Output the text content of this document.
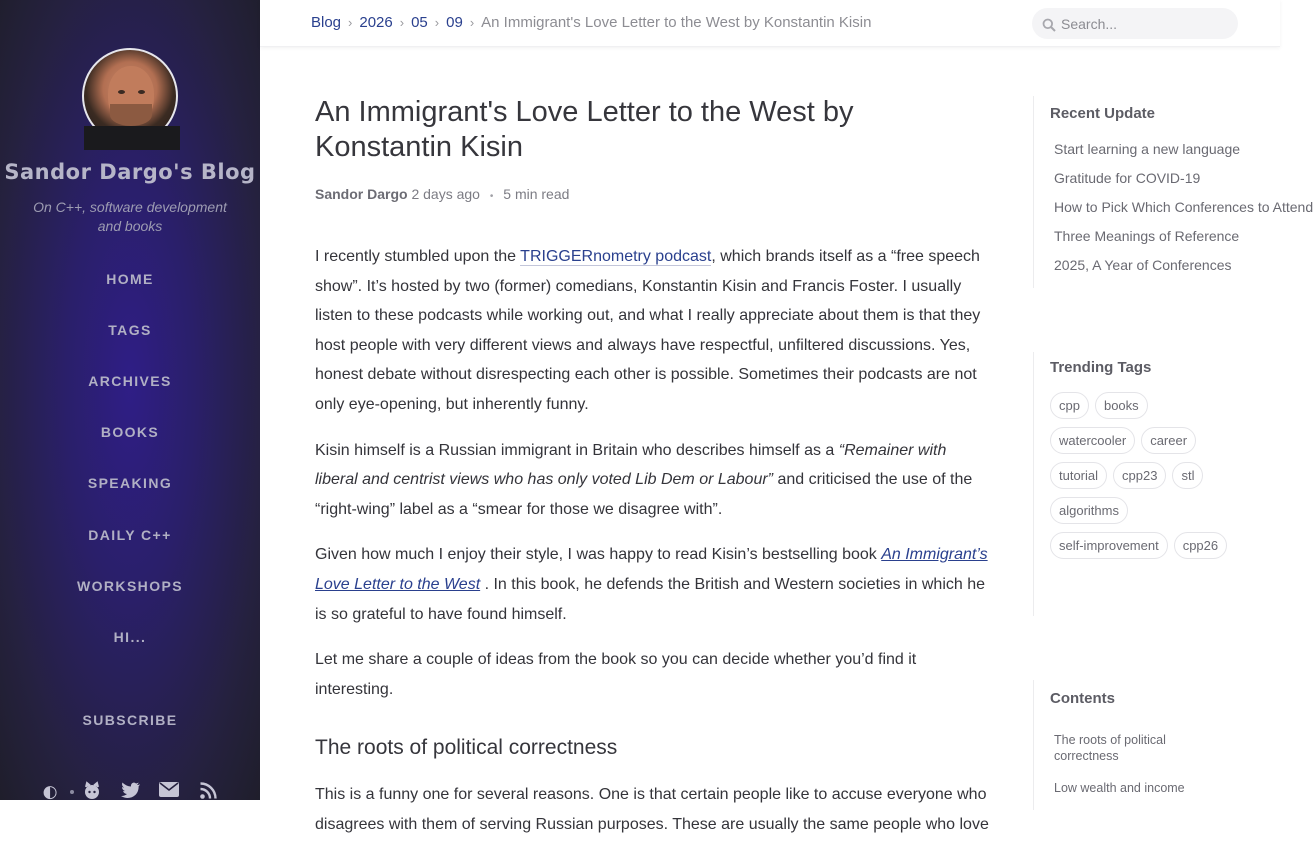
Sandor Dargo's Blog
On C++, software development and books
HOME
TAGS
ARCHIVES
BOOKS
SPEAKING
DAILY C++
WORKSHOPS
HI...
SUBSCRIBE
◐
Blog › 2026 › 05 › 09 › An Immigrant's Love Letter to the West by Konstantin Kisin
Search...
An Immigrant's Love Letter to the West by Konstantin Kisin
Sandor Dargo 2 days ago • 5 min read

I recently stumbled upon the TRIGGERnometry podcast, which brands itself as a “free speech show”. It’s hosted by two (former) comedians, Konstantin Kisin and Francis Foster. I usually listen to these podcasts while working out, and what I really appreciate about them is that they host people with very different views and always have respectful, unfiltered discussions. Yes, honest debate without disrespecting each other is possible. Sometimes their podcasts are not only eye-opening, but inherently funny.

Kisin himself is a Russian immigrant in Britain who describes himself as a “Remainer with liberal and centrist views who has only voted Lib Dem or Labour” and criticised the use of the “right-wing” label as a “smear for those we disagree with”.

Given how much I enjoy their style, I was happy to read Kisin’s bestselling book An Immigrant’s Love Letter to the West . In this book, he defends the British and Western societies in which he is so grateful to have found himself.

Let me share a couple of ideas from the book so you can decide whether you’d find it interesting.

The roots of political correctness

This is a funny one for several reasons. One is that certain people like to accuse everyone who disagrees with them of serving Russian purposes. These are usually the same people who love

Recent Update
Start learning a new language
Gratitude for COVID-19
How to Pick Which Conferences to Attend
Three Meanings of Reference
2025, A Year of Conferences
Trending Tags
cpp	books
watercooler	career
tutorial	cpp23	stl
algorithms
self-improvement	cpp26
Contents
The roots of political correctness
Low wealth and income
